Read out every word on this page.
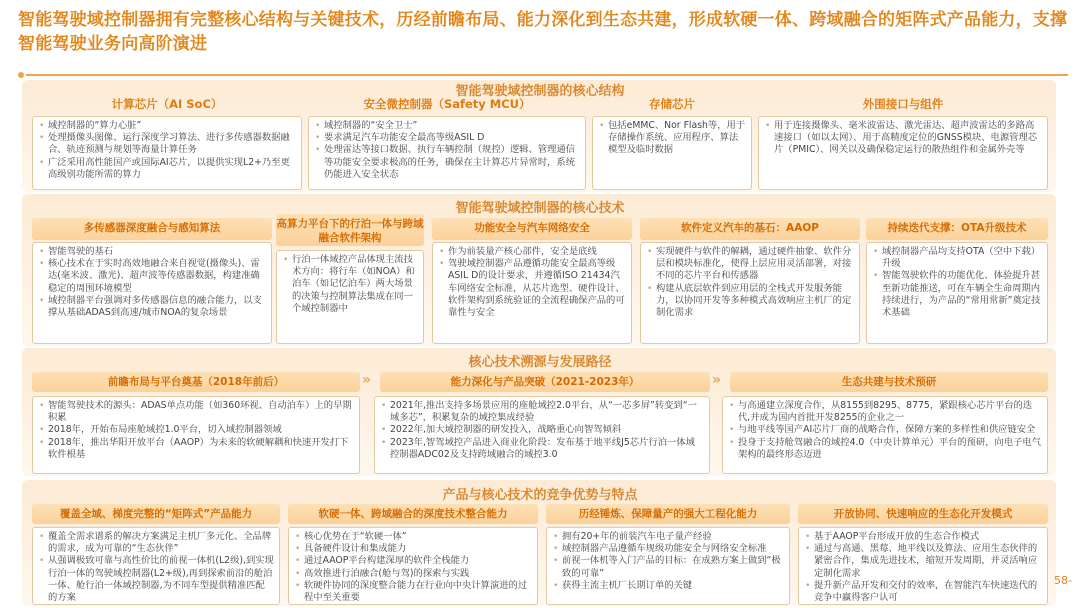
智能驾驶域控制器拥有完整核心结构与关键技术，历经前瞻布局、能力深化到生态共建，形成软硬一体、跨域融合的矩阵式产品能力，支撑智能驾驶业务向高阶演进
智能驾驶域控制器的核心结构
计算芯片（AI SoC）	安全微控制器（Safety MCU）	存储芯片	外围接口与组件
• 域控制器的“算力心脏”
• 处理摄像头图像、运行深度学习算法、进行多传感器数据融合、轨迹预测与规划等海量计算任务
• 广泛采用高性能国产或国际AI芯片，以提供实现L2+乃至更高级别功能所需的算力
• 域控制器的“安全卫士”
• 要求满足汽车功能安全最高等级ASIL D
• 处理雷达等接口数据、执行车辆控制（规控）逻辑、管理通信等功能安全要求极高的任务，确保在主计算芯片异常时，系统仍能进入安全状态
• 包括eMMC、Nor Flash等，用于存储操作系统、应用程序、算法模型及临时数据
• 用于连接摄像头、毫米波雷达、激光雷达、超声波雷达的多路高速接口（如以太网）、用于高精度定位的GNSS模块、电源管理芯片（PMIC）、网关以及确保稳定运行的散热组件和金属外壳等
智能驾驶域控制器的核心技术
多传感器深度融合与感知算法	高算力平台下的行泊一体与跨域融合软件架构
功能安全与汽车网络安全	软件定义汽车的基石：AAOP	持续迭代支撑：OTA升级技术
• 智能驾驶的基石
• 核心技术在于实时高效地融合来自视觉(摄像头)、雷达(毫米波、激光)、超声波等传感器数据，构建准确稳定的周围环境模型
• 域控制器平台强调对多传感器信息的融合能力，以支撑从基础ADAS到高速/城市NOA的复杂场景
• 行泊一体域控产品体现主流技术方向：将行车（如NOA）和泊车（如记忆泊车）两大场景的决策与控制算法集成在同一个域控制器中
• 作为前装量产核心部件，安全是底线
• 驾驶域控制器产品遵循功能安全最高等级ASIL D的设计要求，并遵循ISO 21434汽车网络安全标准，从芯片选型、硬件设计、软件架构到系统验证的全流程确保产品的可靠性与安全
• 实现硬件与软件的解耦，通过硬件抽象、软件分层和模块标准化，使得上层应用灵活部署，对接不同的芯片平台和传感器
• 构建从底层软件到应用层的全栈式开发服务能力，以协同开发等多种模式高效响应主机厂的定制化需求
• 域控制器产品均支持OTA（空中下载）升级
• 智能驾驶软件的功能优化、体验提升甚至新功能推送，可在车辆全生命周期内持续进行，为产品的“常用常新”奠定技术基础
核心技术溯源与发展路径
前瞻布局与平台奠基（2018年前后）	»	能力深化与产品突破（2021-2023年）	»	生态共建与技术预研
• 智能驾驶技术的源头：ADAS单点功能（如360环视、自动泊车）上的早期积累
• 2018年，开始布局座舱域控1.0平台，切入域控制器领域
• 2018年，推出华阳开放平台（AAOP）为未来的软硬解耦和快速开发打下软件根基
• 2021年,推出支持多场景应用的座舱域控2.0平台，从“一芯多屏”转变到“一域多芯”，积累复杂的域控集成经验
• 2022年,加大域控制器的研发投入，战略重心向智驾倾斜
• 2023年,智驾域控产品进入商业化阶段：发布基于地平线J5芯片行泊一体域控制器ADC02及支持跨域融合的域控3.0
• 与高通建立深度合作，从8155到8295、8775，紧跟核心芯片平台的迭代,并成为国内首批开发8255的企业之一
• 与地平线等国产AI芯片厂商的战略合作，保障方案的多样性和供应链安全
• 投身于支持舱驾融合的域控4.0（中央计算单元）平台的预研，向电子电气架构的最终形态迈进
产品与核心技术的竞争优势与特点
覆盖全域、梯度完整的“矩阵式”产品能力	软硬一体、跨域融合的深度技术整合能力	历经锤炼、保障量产的强大工程化能力	开放协同、快速响应的生态化开发模式
• 覆盖全需求谱系的解决方案满足主机厂多元化、全品牌的需求，成为可靠的“生态伙伴”
• 从强调极致可靠与高性价比的前视一体机(L2级),到实现行泊一体的驾驶域控制器(L2+级),再到探索前沿的舱泊一体、舱行泊一体域控制器,为不同车型提供精准匹配的方案
• 核心优势在于“软硬一体”
• 具备硬件设计和集成能力
• 通过AAOP平台构建深厚的软件全栈能力
• 高效推进行泊融合(舱与驾)的探索与实践
• 软硬件协同的深度整合能力在行业向中央计算演进的过程中至关重要
• 拥有20+年的前装汽车电子量产经验
• 域控制器产品遵循车规级功能安全与网络安全标准
• 前视一体机等入门产品的目标：在成熟方案上做到“极致的可靠”
• 获得主流主机厂长期订单的关键
• 基于AAOP平台形成开放的生态合作模式
• 通过与高通、黑莓、地平线以及算法、应用生态伙伴的紧密合作，集成先进技术，缩短开发周期，并灵活响应定制化需求
• 提升新产品开发和交付的效率，在智能汽车快速迭代的竞争中赢得客户认可
58-
